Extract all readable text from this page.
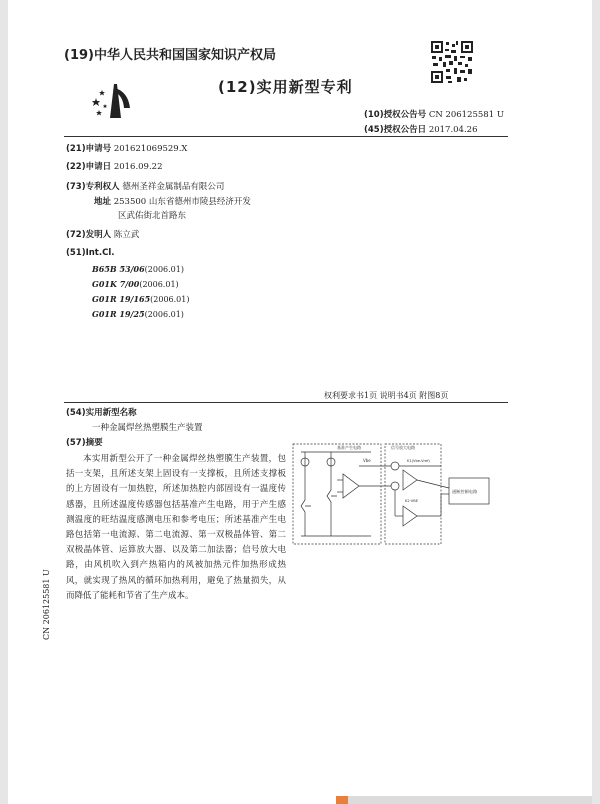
(19)中华人民共和国国家知识产权局
(12)实用新型专利
(10)授权公告号 CN 206125581 U
(45)授权公告日 2017.04.26
(21)申请号 201621069529.X
(22)申请日 2016.09.22
(73)专利权人 德州圣祥金属制品有限公司
地址 253500 山东省德州市陵县经济开发
区武佑街北首路东
(72)发明人 陈立武
(51)Int.Cl.
B65B 53/06(2006.01)
G01K 7/00(2006.01)
G01R 19/165(2006.01)
G01R 19/25(2006.01)
权利要求书1页 说明书4页 附图8页
(54)实用新型名称
一种金属焊丝热塑膜生产装置
(57)摘要
本实用新型公开了一种金属焊丝热塑膜生产装置，包括一支架，且所述支架上固设有一支撑板，且所述支撑板的上方固设有一加热腔，所述加热腔内部固设有一温度传感器，且所述温度传感器包括基准产生电路，用于产生感测温度的旺结温度感测电压和参考电压；所述基准产生电路包括第一电流源、第二电流源、第一双极晶体管、第二双极晶体管、运算放大器、以及第二加法器；信号放大电路，由风机吹入到产热箱内的风被加热元件加热形成热风，就实现了热风的循环加热利用，避免了热量损失，从而降低了能耗和节省了生产成本。
基准产生电路	信号放大电路
Vbe	K1(Vbe-Vref)
K2·VBE
通断控制电路
CN 206125581 U
